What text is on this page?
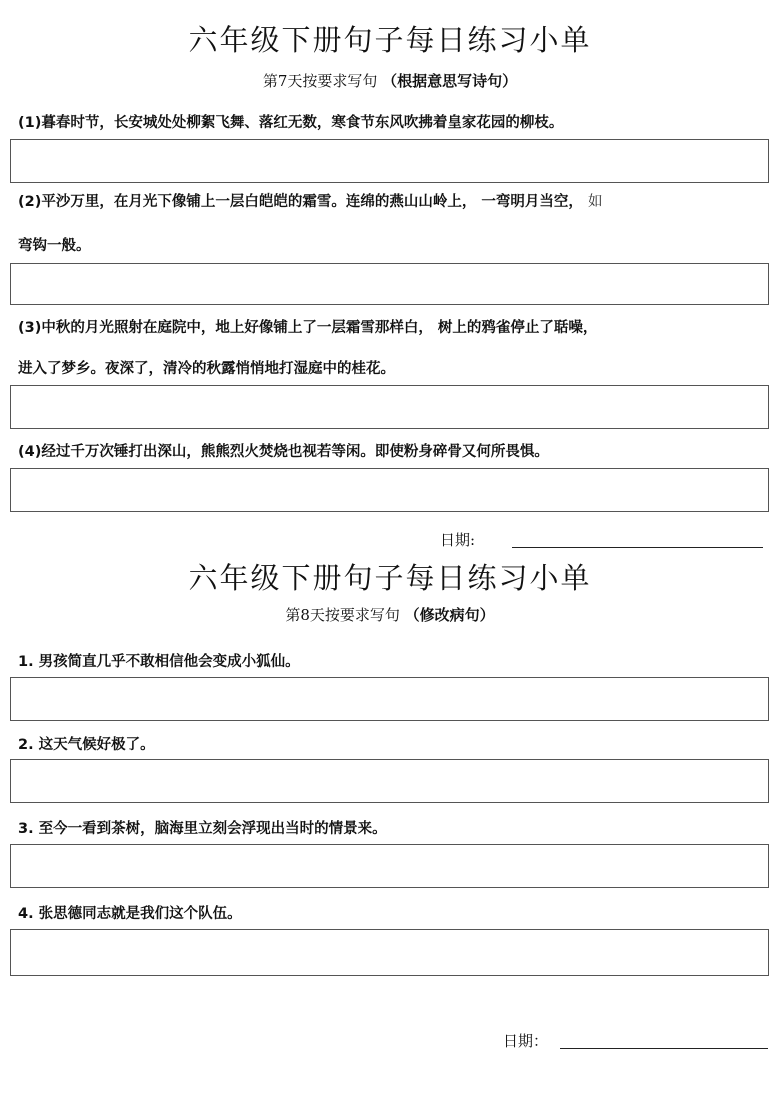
六年级下册句子每日练习小单
第7天按要求写句 （根据意思写诗句）
(1)暮春时节，长安城处处柳絮飞舞、落红无数，寒食节东风吹拂着皇家花园的柳枝。
(2)平沙万里，在月光下像铺上一层白皑皑的霜雪。连绵的燕山山岭上， 一弯明月当空， 如
弯钩一般。
(3)中秋的月光照射在庭院中，地上好像铺上了一层霜雪那样白， 树上的鸦雀停止了聒噪，
进入了梦乡。夜深了，清冷的秋露悄悄地打湿庭中的桂花。
(4)经过千万次锤打出深山，熊熊烈火焚烧也视若等闲。即使粉身碎骨又何所畏惧。
日期:
六年级下册句子每日练习小单
第8天按要求写句 （修改病句）
1. 男孩简直几乎不敢相信他会变成小狐仙。
2. 这天气候好极了。
3. 至今一看到茶树，脑海里立刻会浮现出当时的情景来。
4. 张思德同志就是我们这个队伍。
日期：
